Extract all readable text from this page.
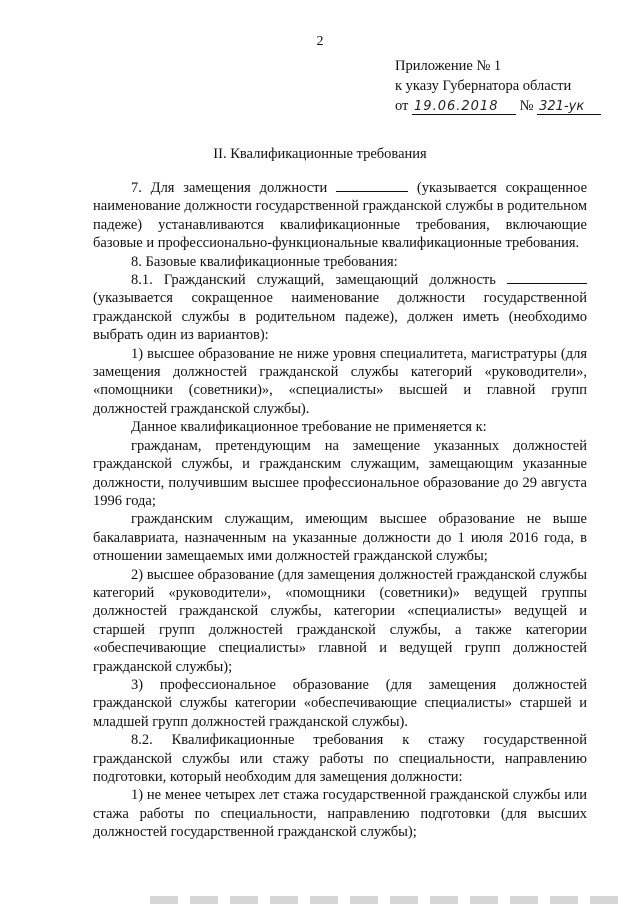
2
Приложение № 1
к указу Губернатора области
от 19.06.2018 № 321-ук
II. Квалификационные требования

7. Для замещения должности	(указывается сокращенное наименование должности государственной гражданской службы в родительном падеже) устанавливаются квалификационные требования, включающие базовые и профессионально-функциональные квалификационные требования.

8. Базовые квалификационные требования:

8.1. Гражданский служащий, замещающий должность  (указывается сокращенное наименование должности государственной гражданской службы в родительном падеже), должен иметь (необходимо выбрать один из вариантов):

1) высшее образование не ниже уровня специалитета, магистратуры (для замещения должностей гражданской службы категорий «руководители», «помощники (советники)», «специалисты» высшей и главной групп должностей гражданской службы).

Данное квалификационное требование не применяется к:

гражданам, претендующим на замещение указанных должностей гражданской службы, и гражданским служащим, замещающим указанные должности, получившим высшее профессиональное образование до 29 августа 1996 года;

гражданским служащим, имеющим высшее образование не выше бакалавриата, назначенным на указанные должности до 1 июля 2016 года, в отношении замещаемых ими должностей гражданской службы;

2) высшее образование (для замещения должностей гражданской службы категорий «руководители», «помощники (советники)» ведущей группы должностей гражданской службы, категории «специалисты» ведущей и старшей групп должностей гражданской службы, а также категории «обеспечивающие специалисты» главной и ведущей групп должностей гражданской службы);

3) профессиональное образование (для замещения должностей гражданской службы категории «обеспечивающие специалисты» старшей и младшей групп должностей гражданской службы).

8.2. Квалификационные требования к стажу государственной гражданской службы или стажу работы по специальности, направлению подготовки, который необходим для замещения должности:

1) не менее четырех лет стажа государственной гражданской службы или стажа работы по специальности, направлению подготовки (для высших должностей государственной гражданской службы);
